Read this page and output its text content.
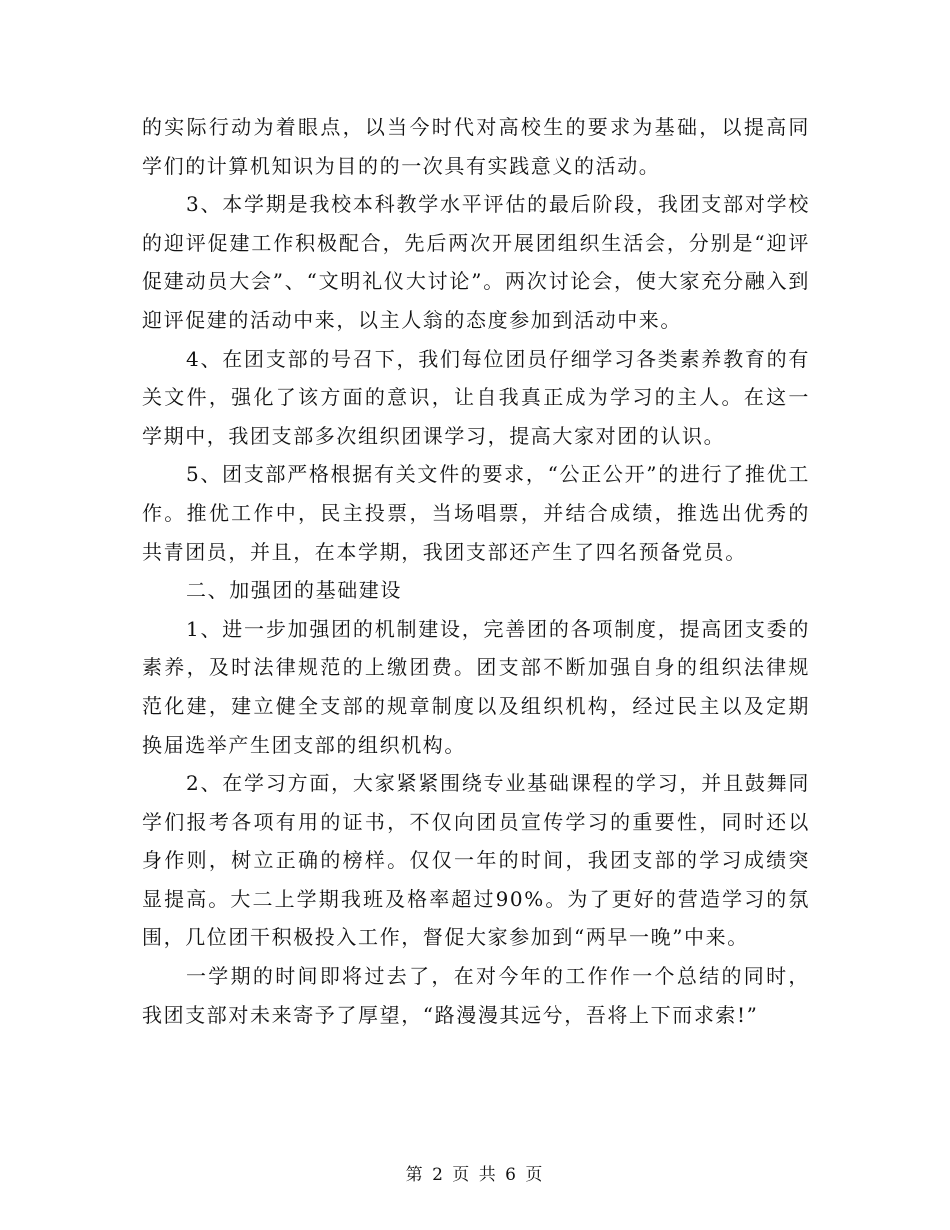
的实际行动为着眼点，以当今时代对高校生的要求为基础，以提高同学们的计算机知识为目的的一次具有实践意义的活动。

3、本学期是我校本科教学水平评估的最后阶段，我团支部对学校的迎评促建工作积极配合，先后两次开展团组织生活会，分别是“迎评促建动员大会”、“文明礼仪大讨论”。两次讨论会，使大家充分融入到迎评促建的活动中来，以主人翁的态度参加到活动中来。

4、在团支部的号召下，我们每位团员仔细学习各类素养教育的有关文件，强化了该方面的意识，让自我真正成为学习的主人。在这一学期中，我团支部多次组织团课学习，提高大家对团的认识。

5、团支部严格根据有关文件的要求，“公正公开”的进行了推优工作。推优工作中，民主投票，当场唱票，并结合成绩，推选出优秀的共青团员，并且，在本学期，我团支部还产生了四名预备党员。

二、加强团的基础建设

1、进一步加强团的机制建设，完善团的各项制度，提高团支委的素养，及时法律规范的上缴团费。团支部不断加强自身的组织法律规范化建，建立健全支部的规章制度以及组织机构，经过民主以及定期换届选举产生团支部的组织机构。

2、在学习方面，大家紧紧围绕专业基础课程的学习，并且鼓舞同学们报考各项有用的证书，不仅向团员宣传学习的重要性，同时还以身作则，树立正确的榜样。仅仅一年的时间，我团支部的学习成绩突显提高。大二上学期我班及格率超过90%。为了更好的营造学习的氛围，几位团干积极投入工作，督促大家参加到“两早一晚”中来。

一学期的时间即将过去了，在对今年的工作作一个总结的同时，我团支部对未来寄予了厚望，“路漫漫其远兮，吾将上下而求索!”

第 2 页 共 6 页
